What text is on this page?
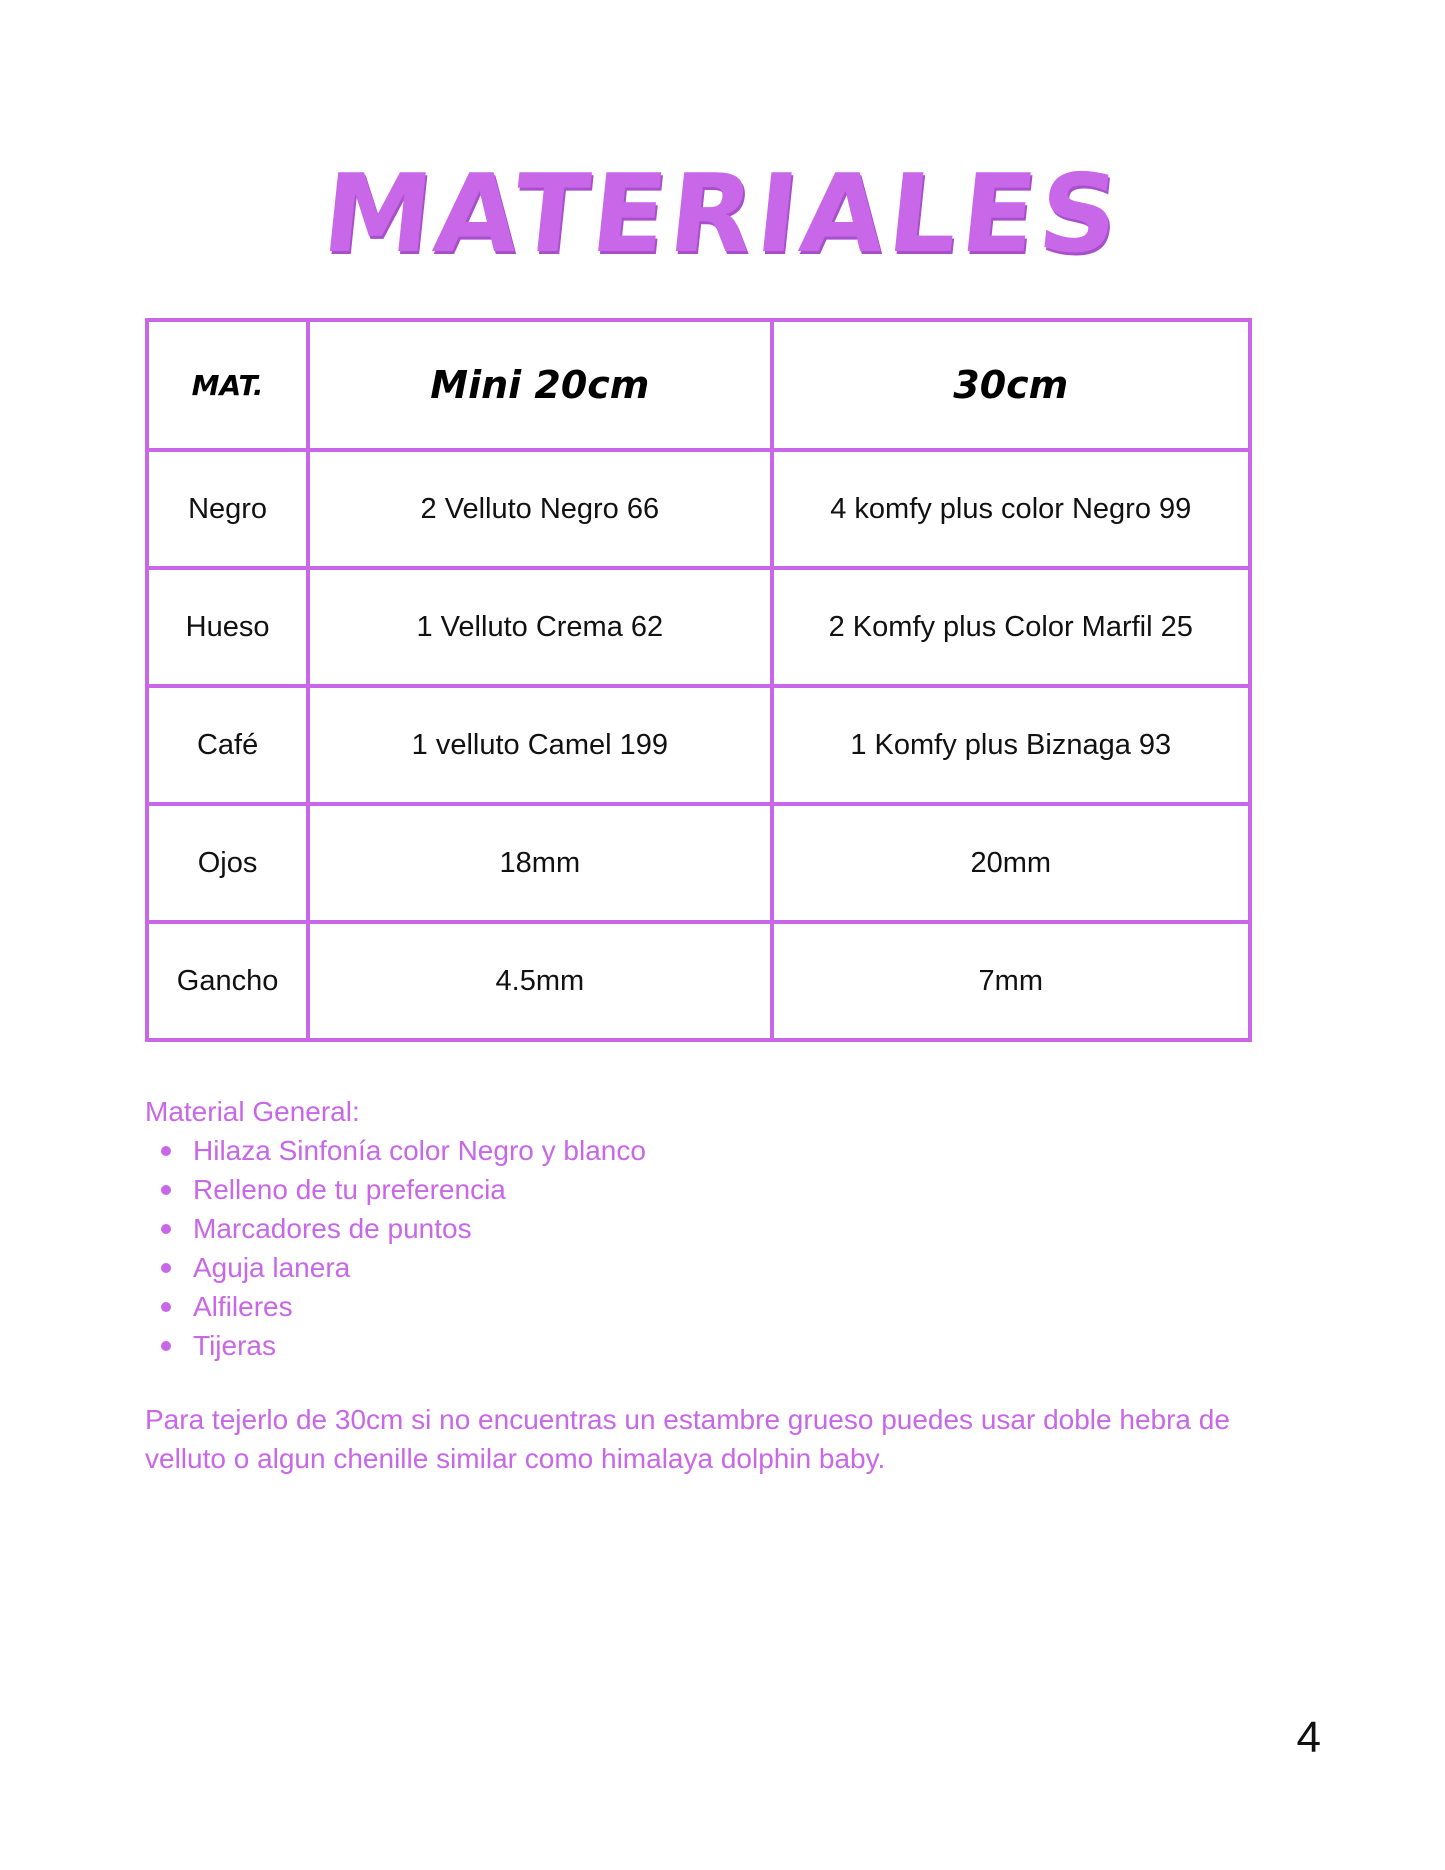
MATERIALES
MAT.	Mini 20cm	30cm
Negro	2 Velluto Negro 66	4 komfy plus color Negro 99
Hueso	1 Velluto Crema 62	2 Komfy plus Color Marfil 25
Café	1 velluto Camel 199	1 Komfy plus Biznaga 93
Ojos	18mm	20mm
Gancho	4.5mm	7mm

Material General:

Hilaza Sinfonía color Negro y blanco
Relleno de tu preferencia
Marcadores de puntos
Aguja lanera
Alfileres
Tijeras

Para tejerlo de 30cm si no encuentras un estambre grueso puedes usar doble hebra de velluto o algun chenille similar como himalaya dolphin baby.

4
